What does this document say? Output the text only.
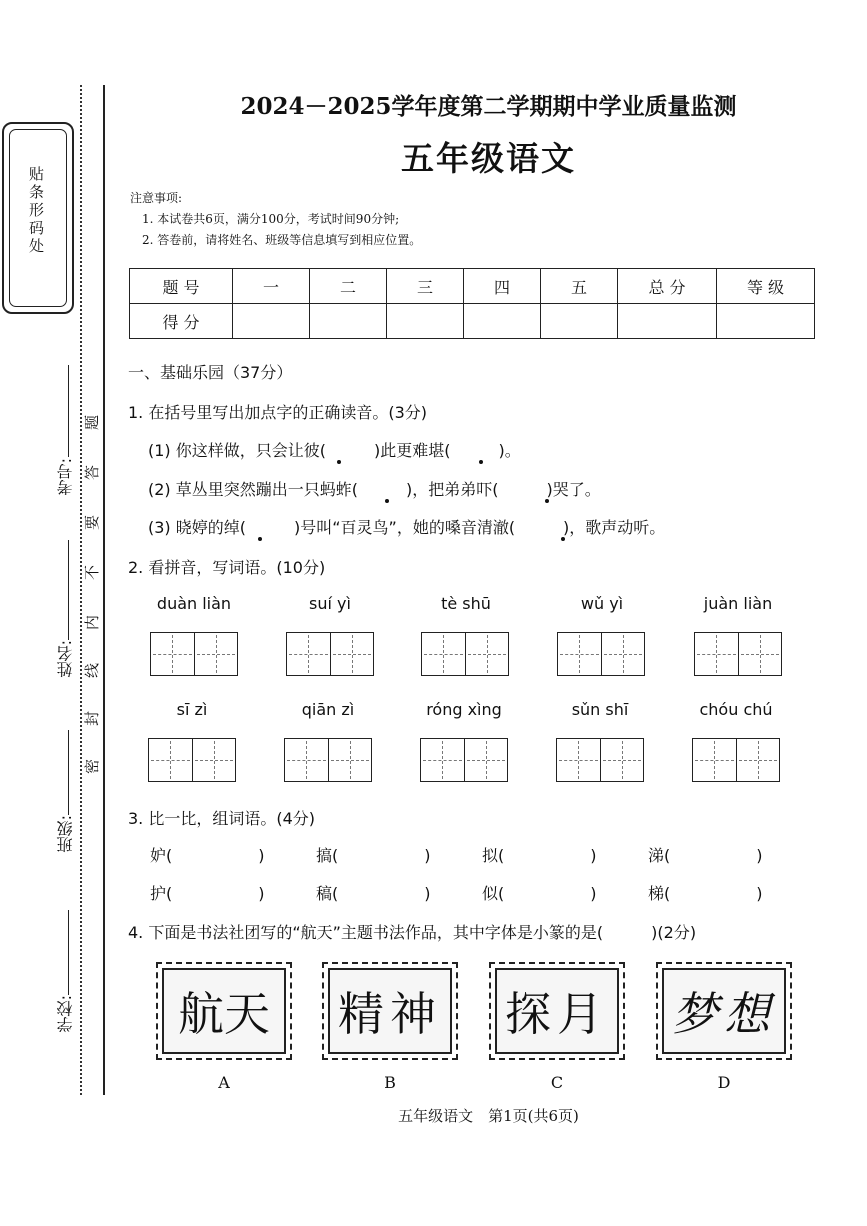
贴条形码处
考号:
姓名:
班级:
学校:
题
答
要
不
内
线
封
密
2024－2025学年度第二学期期中学业质量监测
五年级语文
注意事项:
1. 本试卷共6页，满分100分，考试时间90分钟;
2. 答卷前，请将姓名、班级等信息填写到相应位置。
题 号	一	二	三	四	五	总 分	等 级
得 分							
一、基础乐园（37分）
1. 在括号里写出加点字的正确读音。(3分)
(1) 你这样做，只会让彼(　　　)此更难堪(　　　)。
(2) 草丛里突然蹦出一只蚂蚱(　　　)，把弟弟吓(　　　)哭了。
(3) 晓婷的绰(　　　)号叫“百灵鸟”，她的嗓音清澈(　　　)，歌声动听。
2. 看拼音，写词语。(10分)
duàn liàn	suí yì	tè shū	wǔ yì	juàn liàn
sī zì	qiān zì	róng xìng	sǔn shī	chóu chú
3. 比一比，组词语。(4分)
妒(	)	搞(	)	拟(	)	涕(	)
护(	)	稿(	)	似(	)	梯(	)
4. 下面是书法社团写的“航天”主题书法作品，其中字体是小篆的是(　　　)(2分)
航天	精神 探月 梦想
A	B	C	D
五年级语文　第1页(共6页)
